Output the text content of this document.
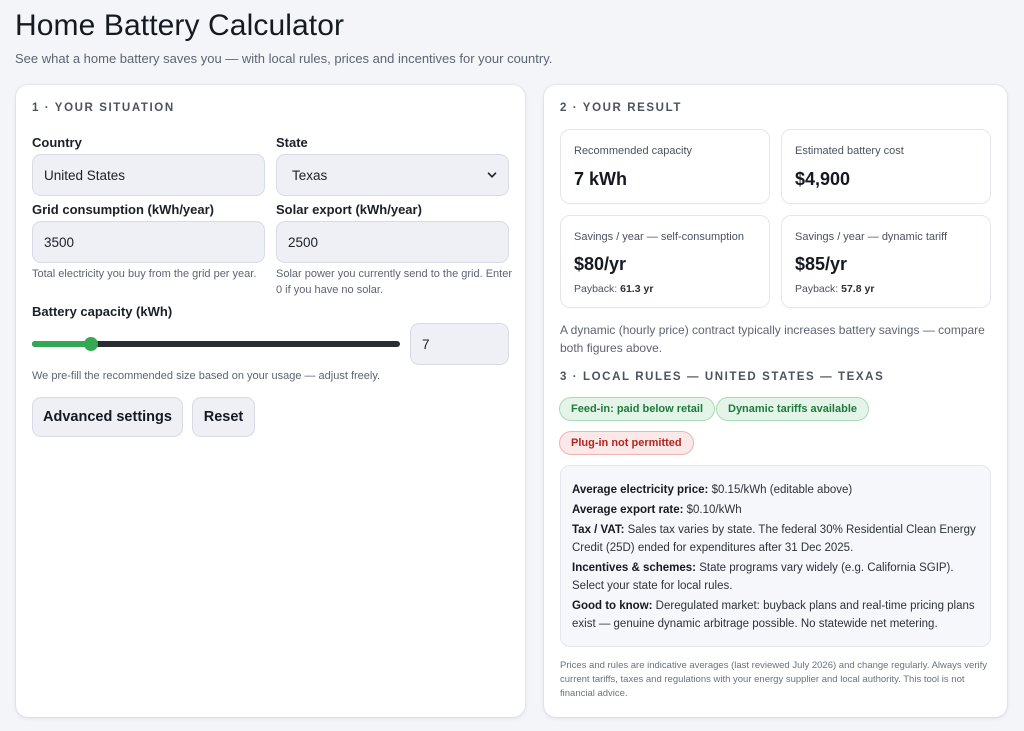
Home Battery Calculator
See what a home battery saves you — with local rules, prices and incentives for your country.
1 · YOUR SITUATION
Country
United States
State
Texas
Grid consumption (kWh/year)
3500
Total electricity you buy from the grid per year.
Solar export (kWh/year)
2500
Solar power you currently send to the grid. Enter 0 if you have no solar.
Battery capacity (kWh)
7
We pre-fill the recommended size based on your usage — adjust freely.
Advanced settings	Reset
2 · YOUR RESULT
Recommended capacity
7 kWh
Estimated battery cost
$4,900
Savings / year — self-consumption
$80/yr
Payback: 61.3 yr
Savings / year — dynamic tariff
$85/yr
Payback: 57.8 yr
A dynamic (hourly price) contract typically increases battery savings — compare both figures above.
3 · LOCAL RULES — UNITED STATES — TEXAS
Feed-in: paid below retail	Dynamic tariffs available
Plug-in not permitted

Average electricity price: $0.15/kWh (editable above)

Average export rate: $0.10/kWh

Tax / VAT: Sales tax varies by state. The federal 30% Residential Clean Energy Credit (25D) ended for expenditures after 31 Dec 2025.

Incentives & schemes: State programs vary widely (e.g. California SGIP). Select your state for local rules.

Good to know: Deregulated market: buyback plans and real-time pricing plans exist — genuine dynamic arbitrage possible. No statewide net metering.

Prices and rules are indicative averages (last reviewed July 2026) and change regularly. Always verify current tariffs, taxes and regulations with your energy supplier and local authority. This tool is not financial advice.
